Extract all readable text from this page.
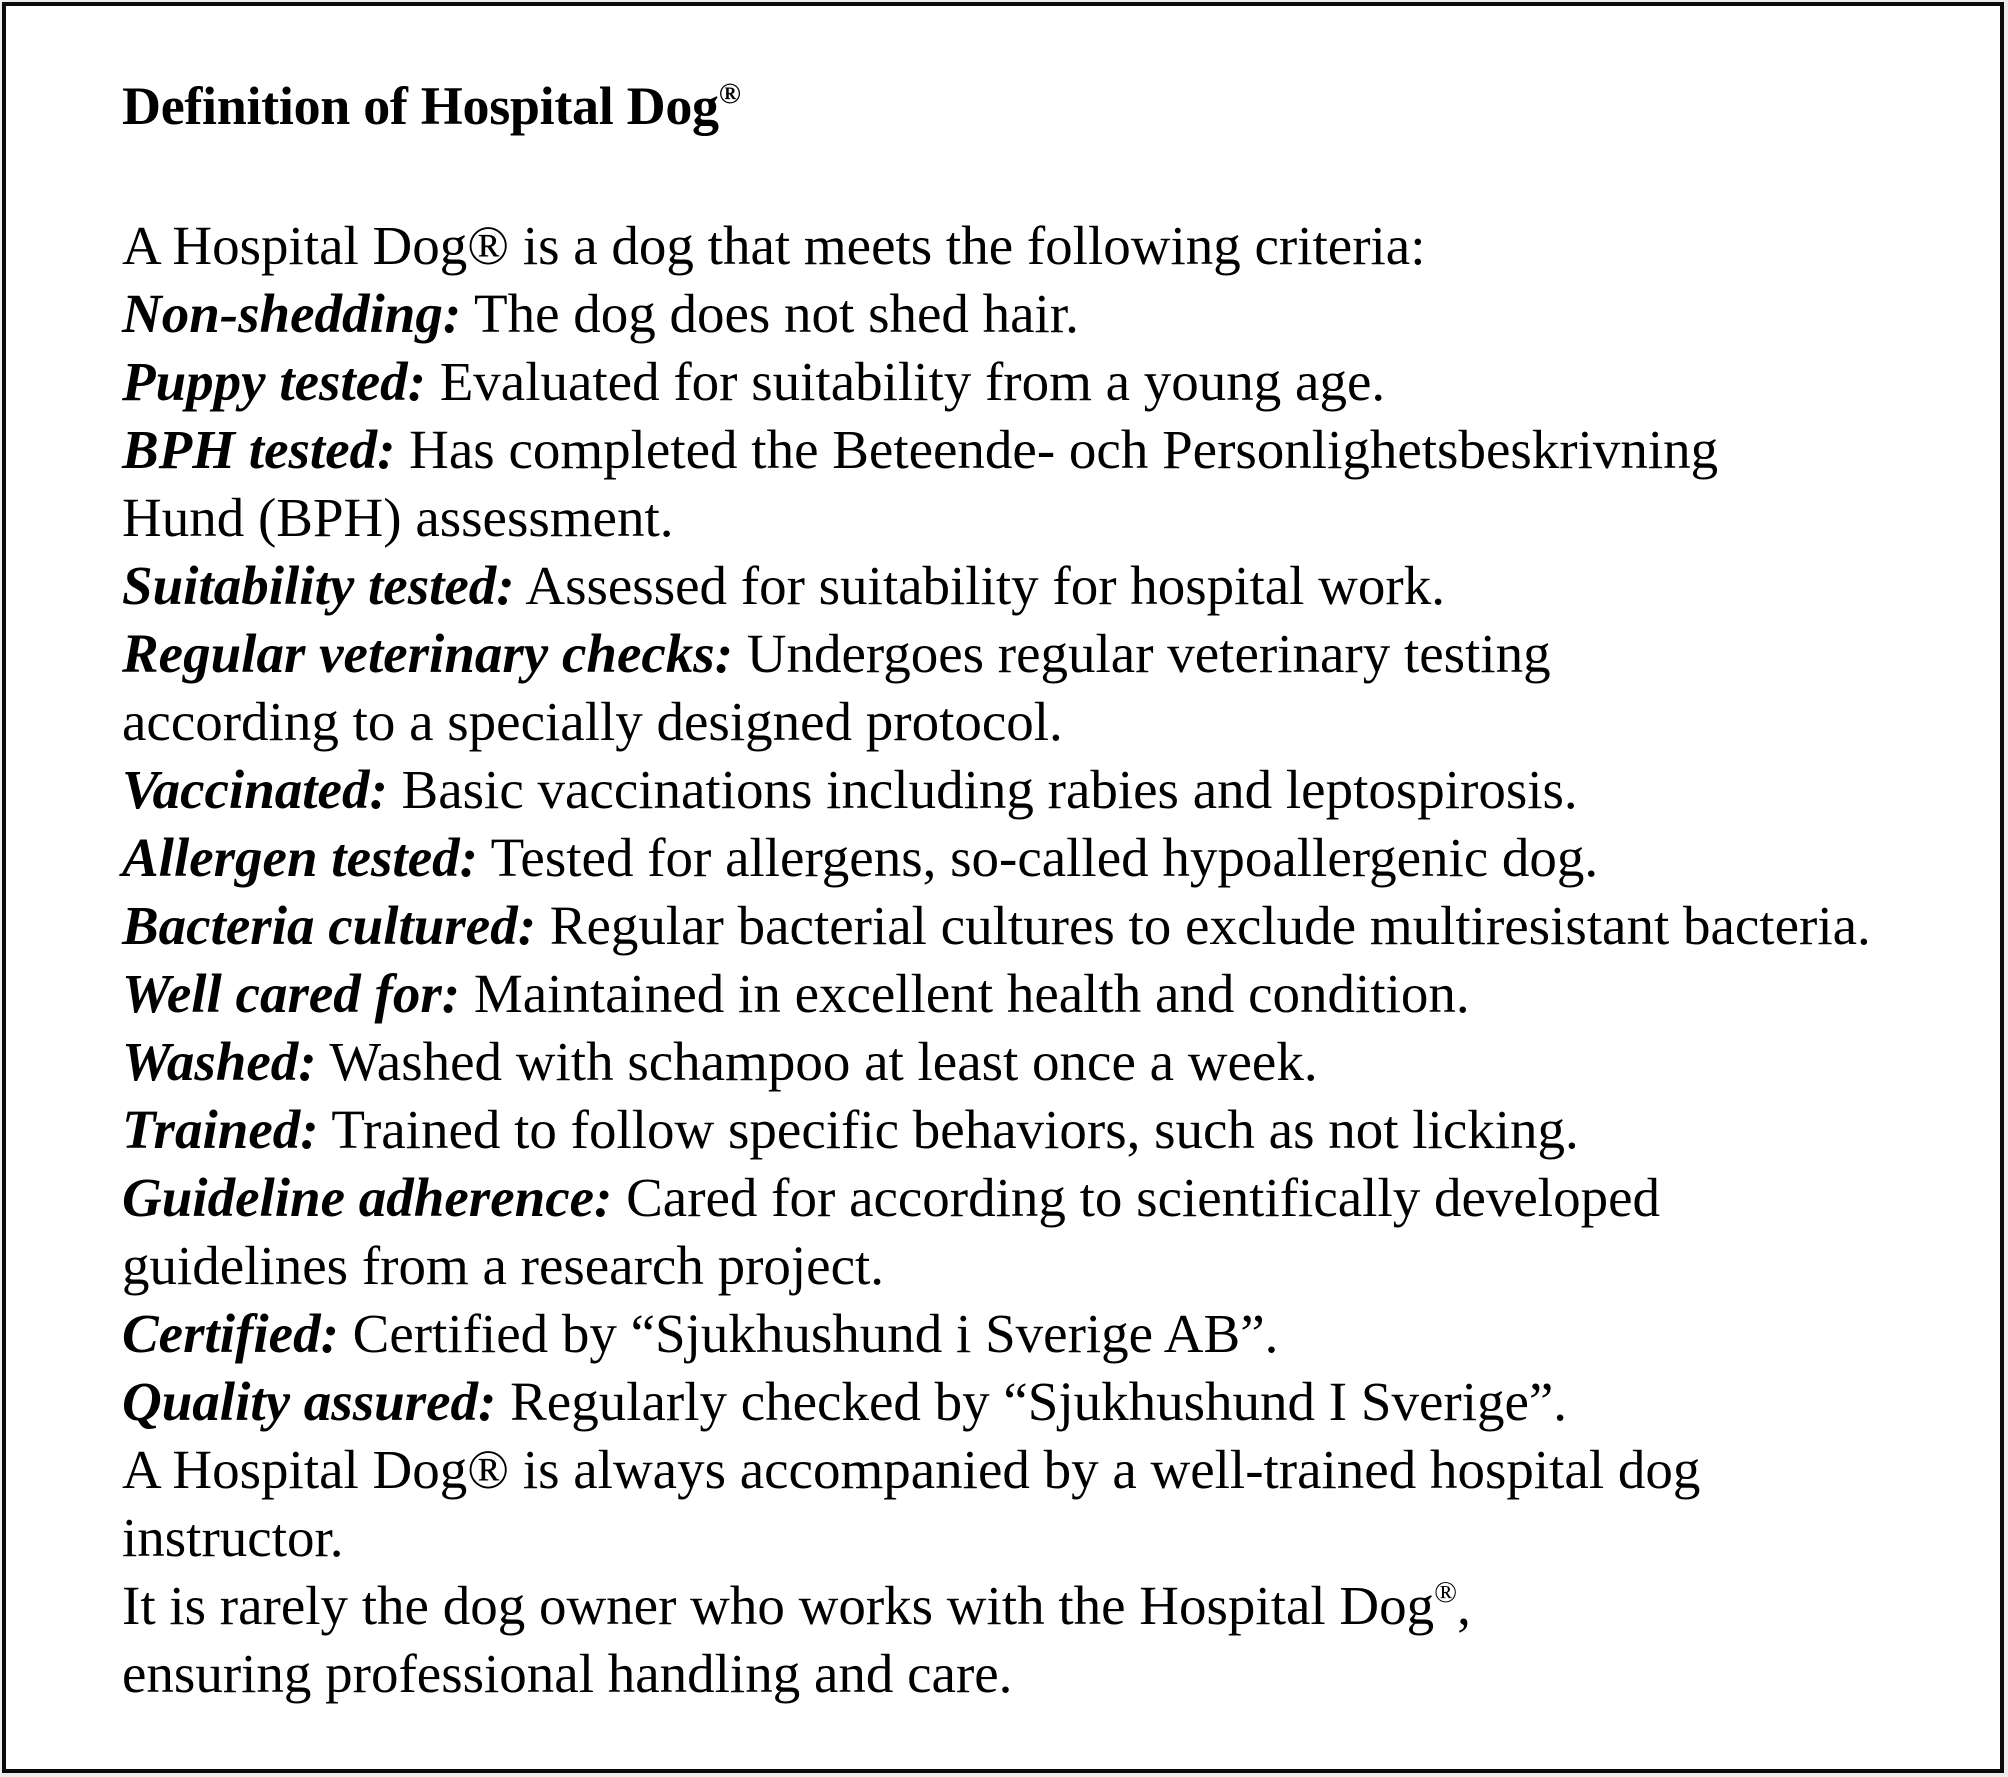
Definition of Hospital Dog®
A Hospital Dog® is a dog that meets the following criteria:
Non-shedding: The dog does not shed hair.
Puppy tested: Evaluated for suitability from a young age.
BPH tested: Has completed the Beteende- och Personlighetsbeskrivning
Hund (BPH) assessment.
Suitability tested: Assessed for suitability for hospital work.
Regular veterinary checks: Undergoes regular veterinary testing
according to a specially designed protocol.
Vaccinated: Basic vaccinations including rabies and leptospirosis.
Allergen tested: Tested for allergens, so-called hypoallergenic dog.
Bacteria cultured: Regular bacterial cultures to exclude multiresistant bacteria.
Well cared for: Maintained in excellent health and condition.
Washed: Washed with schampoo at least once a week.
Trained: Trained to follow specific behaviors, such as not licking.
Guideline adherence: Cared for according to scientifically developed
guidelines from a research project.
Certified: Certified by “Sjukhushund i Sverige AB”.
Quality assured: Regularly checked by “Sjukhushund I Sverige”.
A Hospital Dog® is always accompanied by a well-trained hospital dog
instructor.
It is rarely the dog owner who works with the Hospital Dog®,
ensuring professional handling and care.
